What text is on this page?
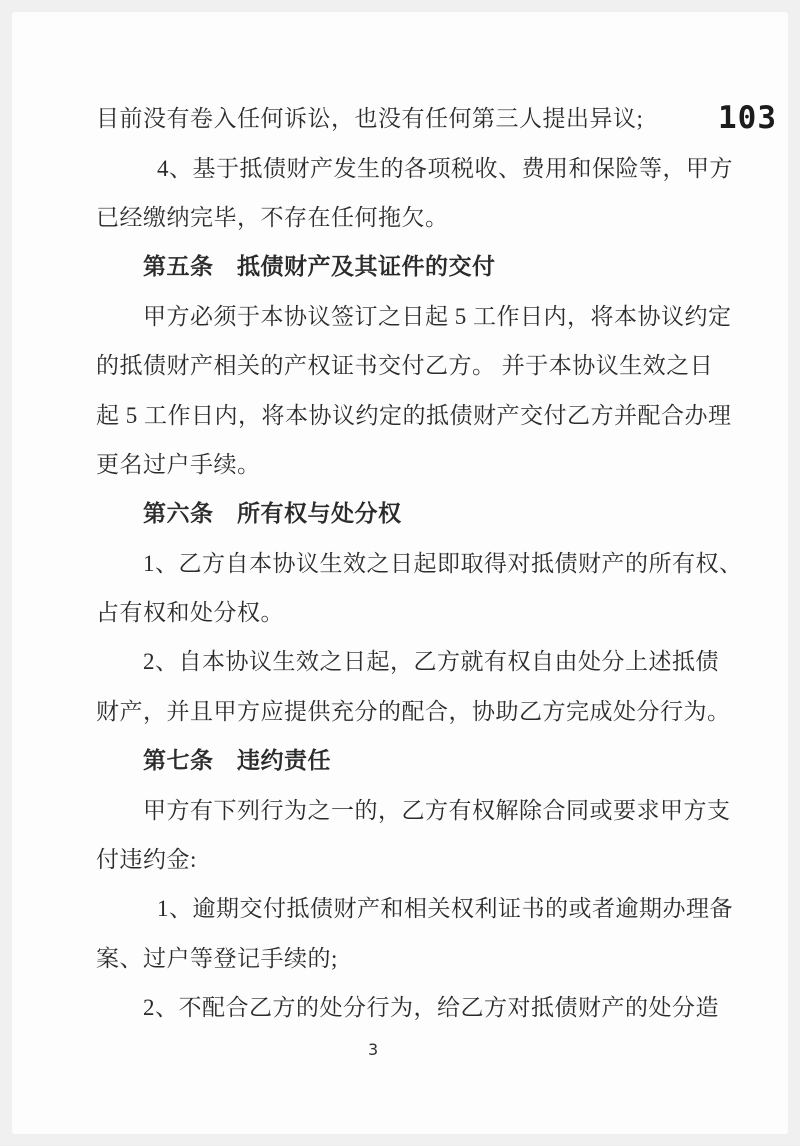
103
目前没有卷入任何诉讼，也没有任何第三人提出异议;
4、基于抵债财产发生的各项税收、费用和保险等，甲方
已经缴纳完毕，不存在任何拖欠。
第五条　抵债财产及其证件的交付
甲方必须于本协议签订之日起 5 工作日内，将本协议约定
的抵债财产相关的产权证书交付乙方。 并于本协议生效之日
起 5 工作日内，将本协议约定的抵债财产交付乙方并配合办理
更名过户手续。
第六条　所有权与处分权
1、乙方自本协议生效之日起即取得对抵债财产的所有权、
占有权和处分权。
2、自本协议生效之日起，乙方就有权自由处分上述抵债
财产，并且甲方应提供充分的配合，协助乙方完成处分行为。
第七条　违约责任
甲方有下列行为之一的，乙方有权解除合同或要求甲方支
付违约金:
1、逾期交付抵债财产和相关权利证书的或者逾期办理备
案、过户等登记手续的;
2、不配合乙方的处分行为，给乙方对抵债财产的处分造
3
